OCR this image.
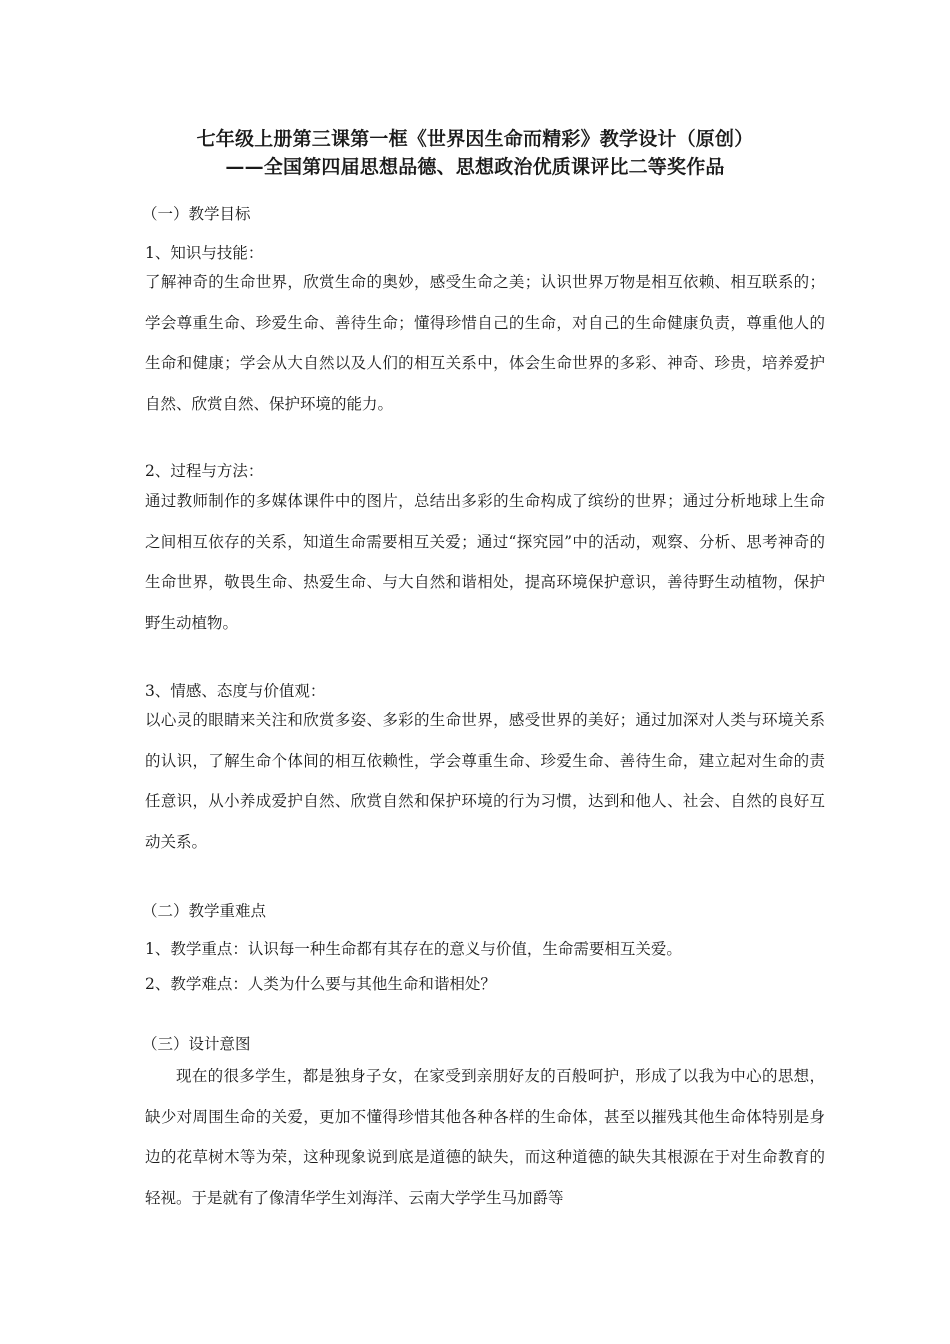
七年级上册第三课第一框《世界因生命而精彩》教学设计（原创）
——全国第四届思想品德、思想政治优质课评比二等奖作品
（一）教学目标
1、知识与技能：
了解神奇的生命世界，欣赏生命的奥妙，感受生命之美；认识世界万物是相互依赖、相互联系的；学会尊重生命、珍爱生命、善待生命；懂得珍惜自己的生命，对自己的生命健康负责，尊重他人的生命和健康；学会从大自然以及人们的相互关系中，体会生命世界的多彩、神奇、珍贵，培养爱护自然、欣赏自然、保护环境的能力。
2、过程与方法：
通过教师制作的多媒体课件中的图片，总结出多彩的生命构成了缤纷的世界；通过分析地球上生命之间相互依存的关系，知道生命需要相互关爱；通过“探究园”中的活动，观察、分析、思考神奇的生命世界，敬畏生命、热爱生命、与大自然和谐相处，提高环境保护意识，善待野生动植物，保护野生动植物。
3、情感、态度与价值观：
以心灵的眼睛来关注和欣赏多姿、多彩的生命世界，感受世界的美好；通过加深对人类与环境关系的认识，了解生命个体间的相互依赖性，学会尊重生命、珍爱生命、善待生命，建立起对生命的责任意识，从小养成爱护自然、欣赏自然和保护环境的行为习惯，达到和他人、社会、自然的良好互动关系。
（二）教学重难点
1、教学重点：认识每一种生命都有其存在的意义与价值，生命需要相互关爱。
2、教学难点：人类为什么要与其他生命和谐相处？
（三）设计意图
现在的很多学生，都是独身子女，在家受到亲朋好友的百般呵护，形成了以我为中心的思想，缺少对周围生命的关爱，更加不懂得珍惜其他各种各样的生命体，甚至以摧残其他生命体特别是身边的花草树木等为荣，这种现象说到底是道德的缺失，而这种道德的缺失其根源在于对生命教育的轻视。于是就有了像清华学生刘海洋、云南大学学生马加爵等
